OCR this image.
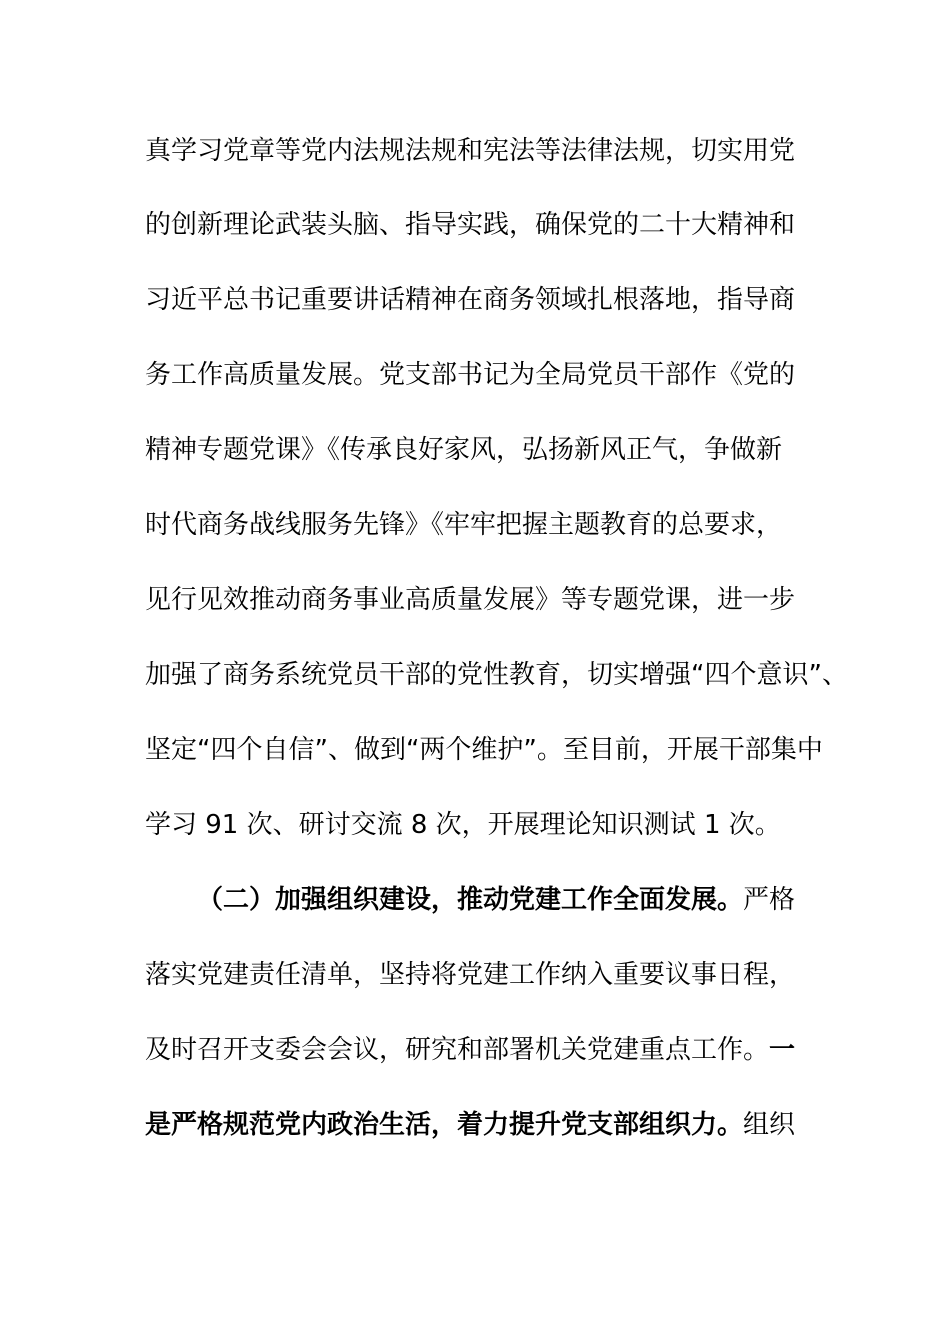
真学习党章等党内法规法规和宪法等法律法规，切实用党
的创新理论武装头脑、指导实践，确保党的二十大精神和
习近平总书记重要讲话精神在商务领域扎根落地，指导商
务工作高质量发展。党支部书记为全局党员干部作《党的
精神专题党课》《传承良好家风，弘扬新风正气，争做新
时代商务战线服务先锋》《牢牢把握主题教育的总要求，
见行见效推动商务事业高质量发展》等专题党课，进一步
加强了商务系统党员干部的党性教育，切实增强“四个意识”、
坚定“四个自信”、做到“两个维护”。至目前，开展干部集中
学习 91 次、研讨交流 8 次，开展理论知识测试 1 次。
（二）加强组织建设，推动党建工作全面发展。严格
落实党建责任清单，坚持将党建工作纳入重要议事日程，
及时召开支委会会议，研究和部署机关党建重点工作。一
是严格规范党内政治生活，着力提升党支部组织力。组织
